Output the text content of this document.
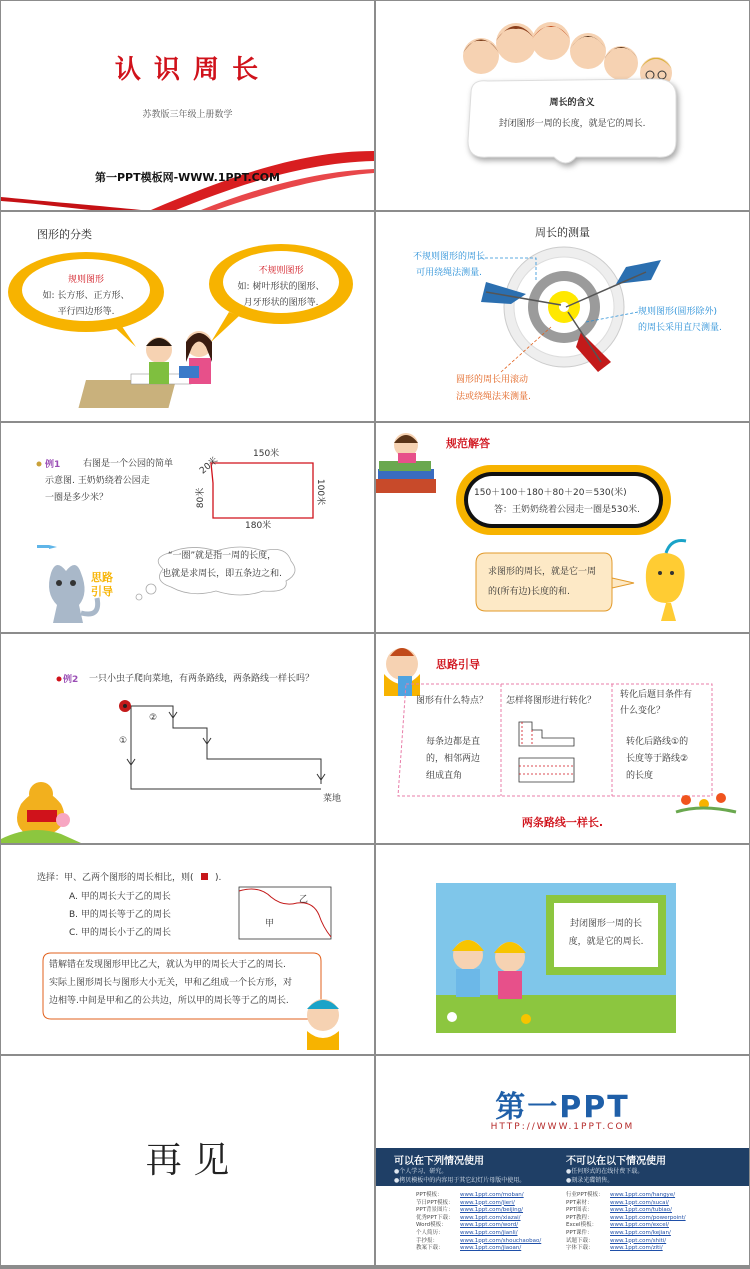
认 识 周 长
苏教版三年级上册数学
第一PPT模板网-WWW.1PPT.COM
周长的含义
封闭图形一周的长度，就是它的周长.
图形的分类
规则图形
如: 长方形、正方形、
平行四边形等.
不规则图形
如: 树叶形状的图形、
月牙形状的图形等.
周长的测量
不规则图形的周长
可用绕绳法测量.
规则图形(圆形除外)
的周长采用直尺测量.
圆形的周长用滚动
法或绕绳法来测量.
例1	右图是一个公园的简单
示意图. 王奶奶绕着公园走
一圈是多少米？
150米
20米
80米	100米
180米
“一圈”就是指一周的长度，
也就是求周长，即五条边之和.
思路
引导
规范解答
150＋100＋180＋80＋20＝530(米)
答：王奶奶绕着公园走一圈是530米.
求图形的周长，就是它一周
的(所有边)长度的和.
例2 一只小虫子爬向菜地，有两条路线，两条路线一样长吗？
①
②
菜地
思路引导
图形有什么特点？
每条边都是直
的，相邻两边
组成直角
怎样将图形进行转化？
转化后题目条件有
什么变化？
转化后路线①的
长度等于路线②
的长度
两条路线一样长.
选择：甲、乙两个图形的周长相比，则( B ).
A. 甲的周长大于乙的周长
B. 甲的周长等于乙的周长
C. 甲的周长小于乙的周长
甲
乙
错解错在发现图形甲比乙大，就认为甲的周长大于乙的周长.
实际上图形周长与图形大小无关，甲和乙组成一个长方形，对
边相等.中间是甲和乙的公共边，所以甲的周长等于乙的周长.
封闭图形一周的长
度，就是它的周长.
再 见
第一PPT
HTTP://WWW.1PPT.COM
可以在下列情况使用
●个人学习、研究。
●拷贝模板中的内容用于其它幻灯片母版中使用。
不可以在以下情况使用
●任何形式的在线付费下载。
●刻录光碟销售。
PPT模板：	www.1ppt.com/moban/
节日PPT模板： www.1ppt.com/jieri/
PPT背景图片： www.1ppt.com/beijing/
优秀PPT下载： www.1ppt.com/xiazai/
Word模板： www.1ppt.com/word/
个人简历：	www.1ppt.com/jianli/
手抄报：	www.1ppt.com/shouchaobao/
教案下载：	www.1ppt.com/jiaoan/
行业PPT模板： www.1ppt.com/hangye/
PPT素材：	www.1ppt.com/sucai/
PPT图表：	www.1ppt.com/tubiao/
PPT教程：	www.1ppt.com/powerpoint/
Excel模板： www.1ppt.com/excel/
PPT课件：	www.1ppt.com/kejian/
试题下载：	www.1ppt.com/shiti/
字体下载：	www.1ppt.com/ziti/
